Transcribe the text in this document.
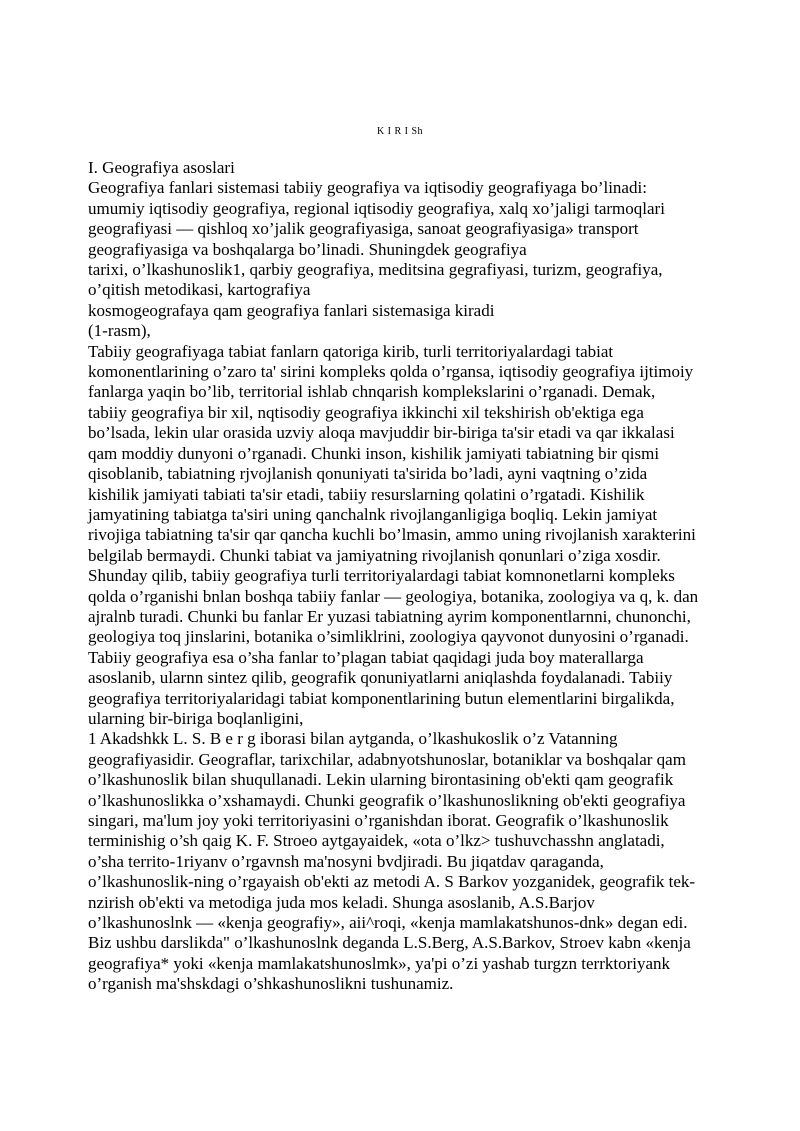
K I R I Sh
I. Geografiya asoslari
Geografiya fanlari sistemasi tabiiy geografiya va iqtisodiy geografiyaga bo’linadi:
umumiy iqtisodiy geografiya, regional iqtisodiy geografiya, xalq xo’jaligi tarmoqlari
geografiyasi — qishloq xo’jalik geografiyasiga, sanoat geografiyasiga» transport
geografiyasiga va boshqalarga bo’linadi. Shuningdek geografiya
tarixi, o’lkashunoslik1, qarbiy geografiya, meditsina gegrafiyasi, turizm, geografiya,
o’qitish metodikasi, kartografiya
kosmogeografaya qam geografiya fanlari sistemasiga kiradi
(1-rasm),
Tabiiy geografiyaga tabiat fanlarn qatoriga kirib, turli territoriyalardagi tabiat
komonentlarining o’zaro ta' sirini kompleks qolda o’rgansa, iqtisodiy geografiya ijtimoiy
fanlarga yaqin bo’lib, territorial ishlab chnqarish komplekslarini o’rganadi. Demak,
tabiiy geografiya bir xil, nqtisodiy geografiya ikkinchi xil tekshirish ob'ektiga ega
bo’lsada, lekin ular orasida uzviy aloqa mavjuddir bir-biriga ta'sir etadi va qar ikkalasi
qam moddiy dunyoni o’rganadi. Chunki inson, kishilik jamiyati tabiatning bir qismi
qisoblanib, tabiatning rjvojlanish qonuniyati ta'sirida bo’ladi, ayni vaqtning o’zida
kishilik jamiyati tabiati ta'sir etadi, tabiiy resurslarning qolatini o’rgatadi. Kishilik
jamyatining tabiatga ta'siri uning qanchalnk rivojlanganligiga boqliq. Lekin jamiyat
rivojiga tabiatning ta'sir qar qancha kuchli bo’lmasin, ammo uning rivojlanish xarakterini
belgilab bermaydi. Chunki tabiat va jamiyatning rivojlanish qonunlari o’ziga xosdir.
Shunday qilib, tabiiy geografiya turli territoriyalardagi tabiat komnonetlarni kompleks
qolda o’rganishi bnlan boshqa tabiiy fanlar — geologiya, botanika, zoologiya va q, k. dan
ajralnb turadi. Chunki bu fanlar Er yuzasi tabiatning ayrim komponentlarnni, chunonchi,
geologiya toq jinslarini, botanika o’simliklrini, zoologiya qayvonot dunyosini o’rganadi.
Tabiiy geografiya esa o’sha fanlar to’plagan tabiat qaqidagi juda boy materallarga
asoslanib, ularnn sintez qilib, geografik qonuniyatlarni aniqlashda foydalanadi. Tabiiy
geografiya territoriyalaridagi tabiat komponentlarining butun elementlarini birgalikda,
ularning bir-biriga boqlanligini,
1 Akadshkk L. S. B e r g iborasi bilan aytganda, o’lkashukoslik o’z Vatanning
geografiyasidir. Geograflar, tarixchilar, adabnyotshunoslar, botaniklar va boshqalar qam
o’lkashunoslik bilan shuqullanadi. Lekin ularning birontasining ob'ekti qam geografik
o’lkashunoslikka o’xshamaydi. Chunki geografik o’lkashunoslikning ob'ekti geografiya
singari, ma'lum joy yoki territoriyasini o’rganishdan iborat. Geografik o’lkashunoslik
terminishig o’sh qaig K. F. Stroeo aytgayaidek, «ota o’lkz> tushuvchasshn anglatadi,
o’sha territo-1riyanv o’rgavnsh ma'nosyni bvdjiradi. Bu jiqatdav qaraganda,
o’lkashunoslik-ning o’rgayaish ob'ekti az metodi A. S Barkov yozganidek, geografik tek-
nzirish ob'ekti va metodiga juda mos keladi. Shunga asoslanib, A.S.Barjov
o’lkashunoslnk — «kenja geografiy», aii^roqi, «kenja mamlakatshunos-dnk» degan edi.
Biz ushbu darslikda" o’lkashunoslnk deganda L.S.Berg, A.S.Barkov, Stroev kabn «kenja
geografiya* yoki «kenja mamlakatshunoslmk», ya'pi o’zi yashab turgzn terrktoriyank
o’rganish ma'shskdagi o’shkashunoslikni tushunamiz.
